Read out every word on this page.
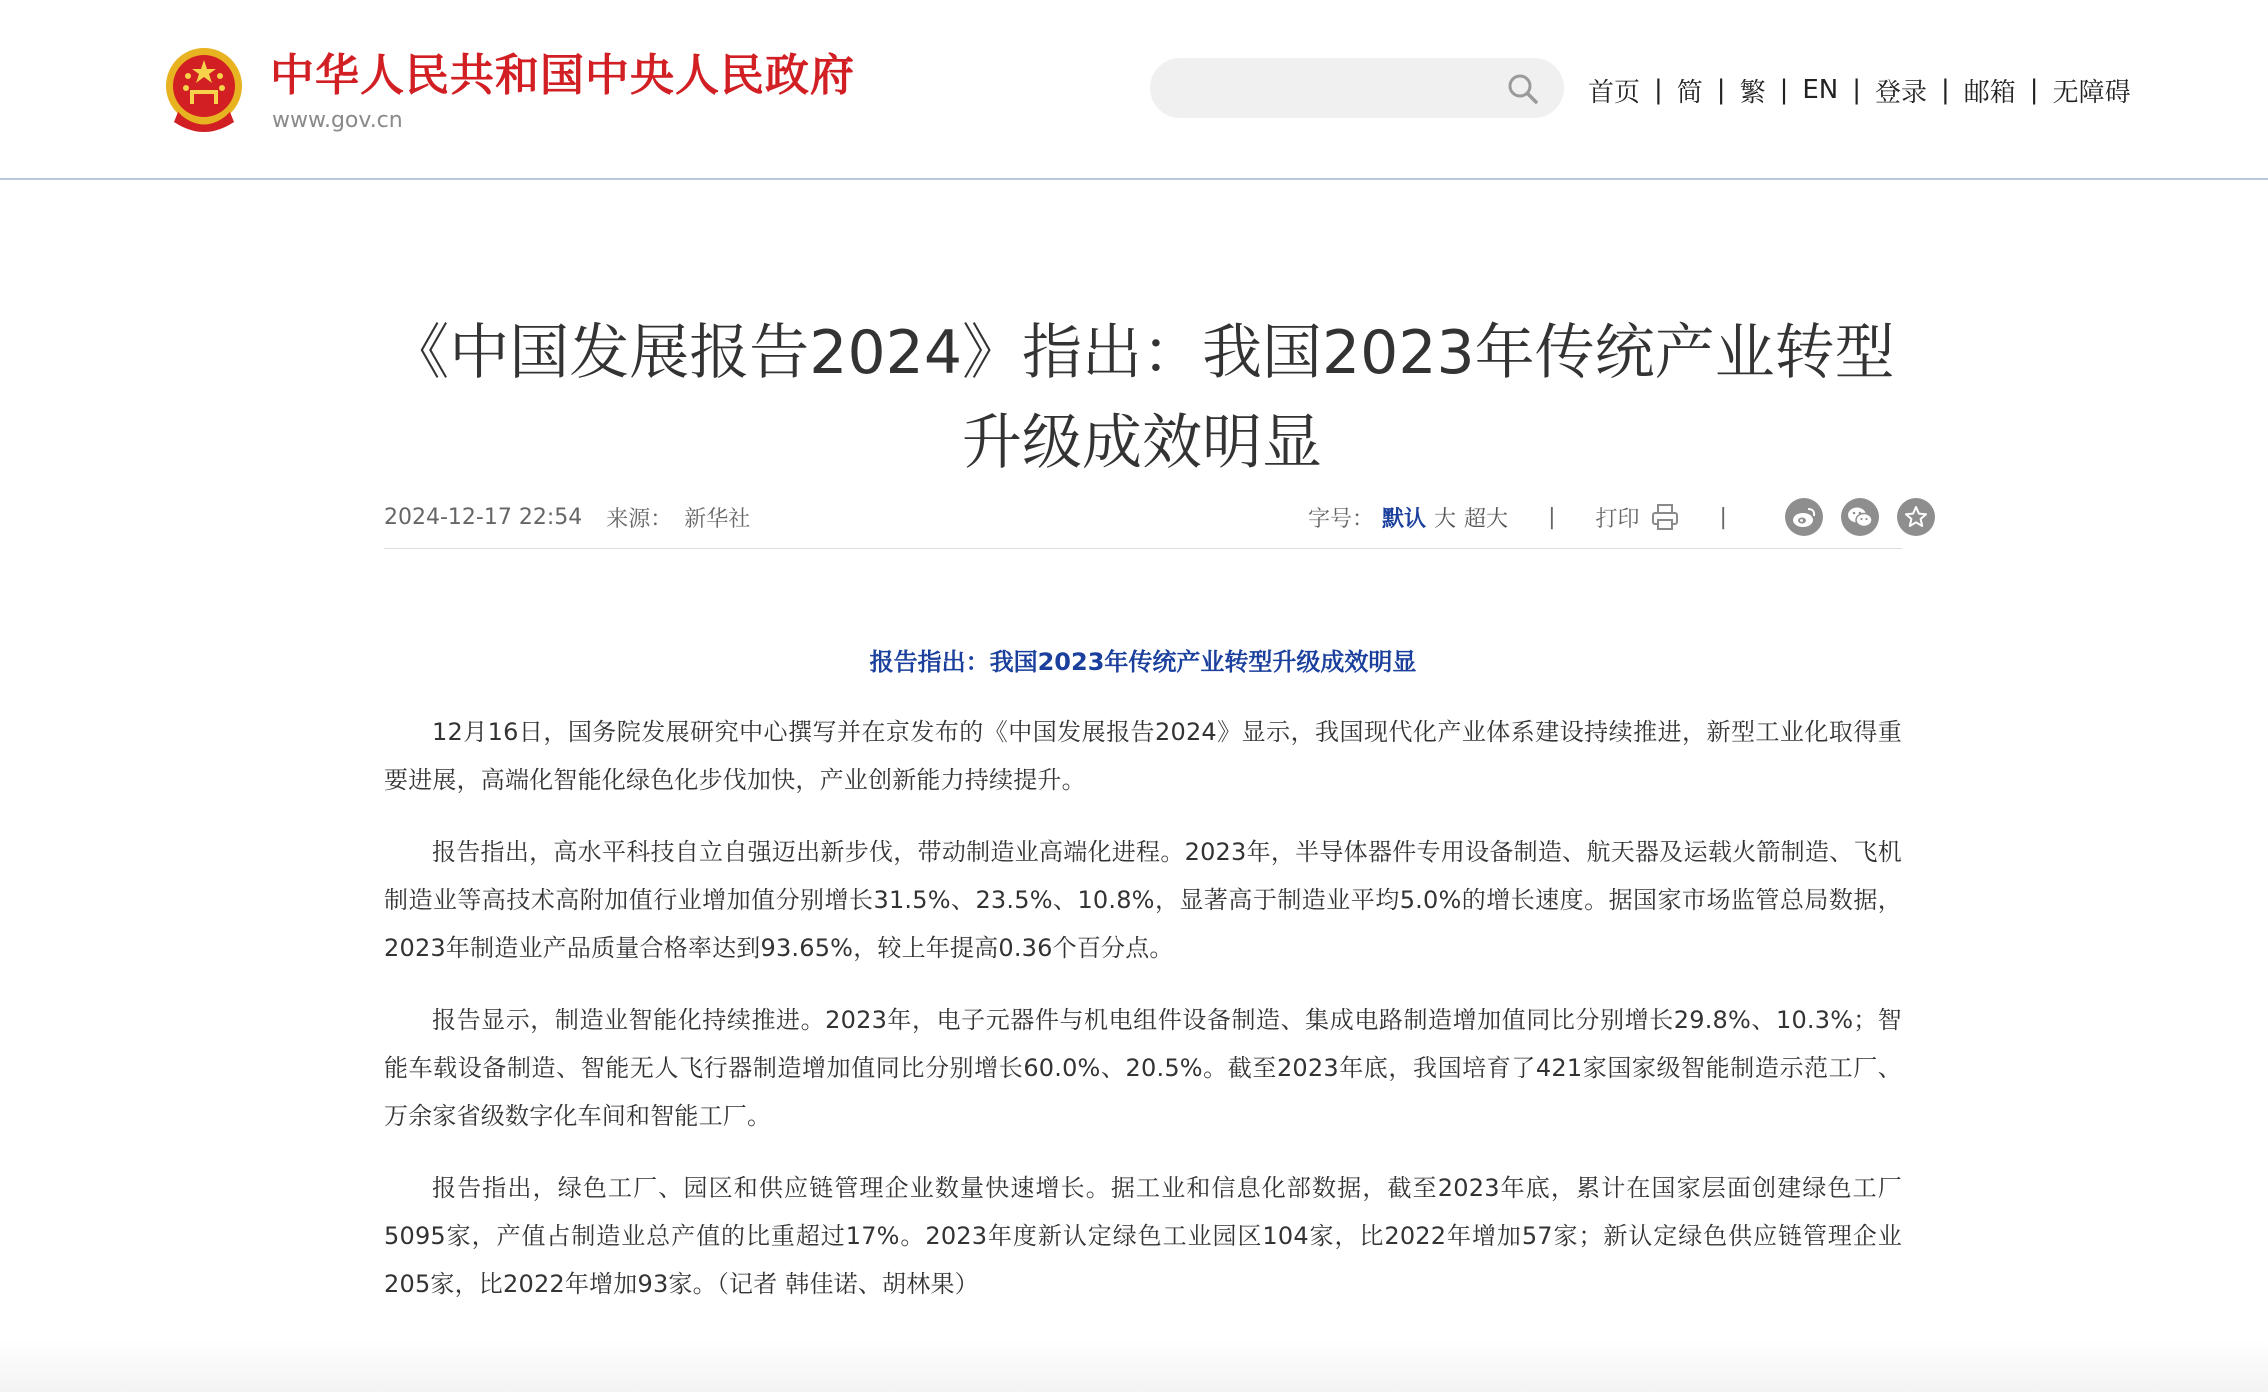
中华人民共和国中央人民政府
www.gov.cn
首页 | 简 | 繁 | EN | 登录 | 邮箱 | 无障碍
《中国发展报告2024》指出：我国2023年传统产业转型升级成效明显
2024-12-17 22:54 来源： 新华社	字号： 默认 大 超大 | 打印	|
报告指出：我国2023年传统产业转型升级成效明显

12月16日，国务院发展研究中心撰写并在京发布的《中国发展报告2024》显示，我国现代化产业体系建设持续推进，新型工业化取得重要进展，高端化智能化绿色化步伐加快，产业创新能力持续提升。

报告指出，高水平科技自立自强迈出新步伐，带动制造业高端化进程。2023年，半导体器件专用设备制造、航天器及运载火箭制造、飞机制造业等高技术高附加值行业增加值分别增长31.5%、23.5%、10.8%，显著高于制造业平均5.0%的增长速度。据国家市场监管总局数据，2023年制造业产品质量合格率达到93.65%，较上年提高0.36个百分点。

报告显示，制造业智能化持续推进。2023年，电子元器件与机电组件设备制造、集成电路制造增加值同比分别增长29.8%、10.3%；智能车载设备制造、智能无人飞行器制造增加值同比分别增长60.0%、20.5%。截至2023年底，我国培育了421家国家级智能制造示范工厂、万余家省级数字化车间和智能工厂。

报告指出，绿色工厂、园区和供应链管理企业数量快速增长。据工业和信息化部数据，截至2023年底，累计在国家层面创建绿色工厂5095家，产值占制造业总产值的比重超过17%。2023年度新认定绿色工业园区104家，比2022年增加57家；新认定绿色供应链管理企业205家，比2022年增加93家。（记者 韩佳诺、胡林果）
